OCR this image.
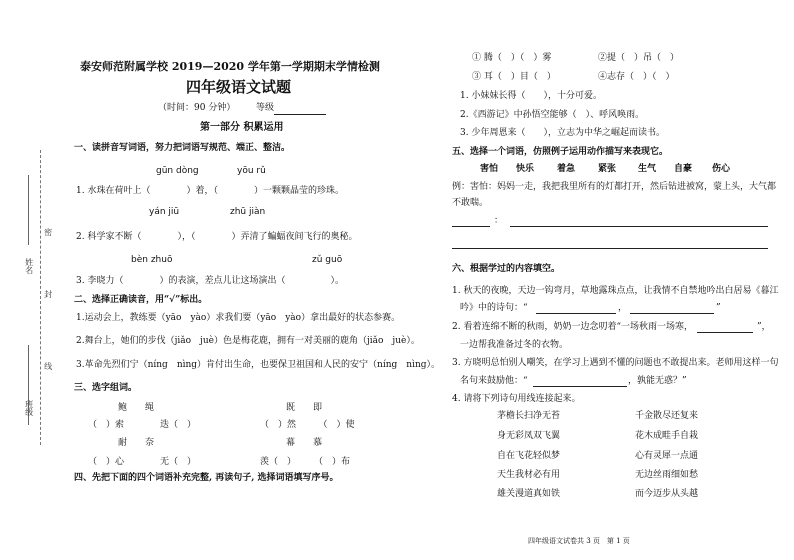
姓名
班级
密
封
线
泰安师范附属学校 2019—2020 学年第一学期期末学情检测
四年级语文试题
（时间：90 分钟） 等级
第一部分 积累运用
一、读拼音写词语，努力把词语写规范、端正、整洁。
gūn dòng	yōu rǔ
1. 水珠在荷叶上（　　　　）着，（　　　　）一颗颗晶莹的珍珠。
yán jiū	zhū jiàn
2. 科学家不断（　　　　），（　　　　）弄清了蝙蝠夜间飞行的奥秘。
bèn zhuō	zǔ guō
3. 李晓力（　　　　）的表演，差点儿让这场演出（　　　　　）。
二、选择正确读音，用“√”标出。
1.运动会上，教练要（yāo　yào）求我们要（yāo　yào）拿出最好的状态参赛。
2.舞台上，她们的步伐（jiǎo　juè）色是梅花鹿，拥有一对美丽的鹿角（jiǎo　juè）。
3.革命先烈们宁（níng　nìng）肯付出生命，也要保卫祖国和人民的安宁（níng　nìng）。
三、选字组词。
鲍　　绳	既　　即
（　）索　　　　迭（　）	（　）然　　　（　）使
耐　　奈	幕　　慕
（　）心　　　　无（　）	羡（　）　　　（　）布
四、先把下面的四个词语补充完整, 再读句子, 选择词语填写序号。
① 腾（　）（　）雾	②提（　）吊（　）
③ 耳（　）目（　）	④志存（　）（　）
1. 小妹妹长得（　　），十分可爱。
2.《西游记》中孙悟空能够（　）、呼风唤雨。
3. 少年周恩来（　　），立志为中华之崛起而读书。
五、选择一个词语，仿照例子运用动作描写来表现它。
害怕 快乐	着急	紧张 生气 自豪 伤心
例：害怕：妈妈一走，我把我里所有的灯都打开，然后钻进被窝，蒙上头，大气都
不敢喘。
：
六、根据学过的内容填空。
1. 秋天的夜晚，天边一钩弯月，草地露珠点点，让我情不自禁地吟出白居易《暮江
吟》中的诗句：“	，	”
2. 看着连绵不断的秋雨，奶奶一边念叨着“一场秋雨一场寒，	”，
一边帮我准备过冬的衣物。
3. 方晓明总怕别人嘲笑，在学习上遇到不懂的问题也不敢提出来。老师用这样一句
名句来鼓励他：“	，孰能无惑？”
4. 请将下列诗句用线连接起来。
茅檐长扫净无苔
身无彩凤双飞翼
自在飞花轻似梦
天生我材必有用
雄关漫道真如铁
千金散尽还复来
花木成畦手自栽
心有灵犀一点通
无边丝雨细如愁
而今迈步从头越
四年级语文试卷共 3 页　第 1 页
